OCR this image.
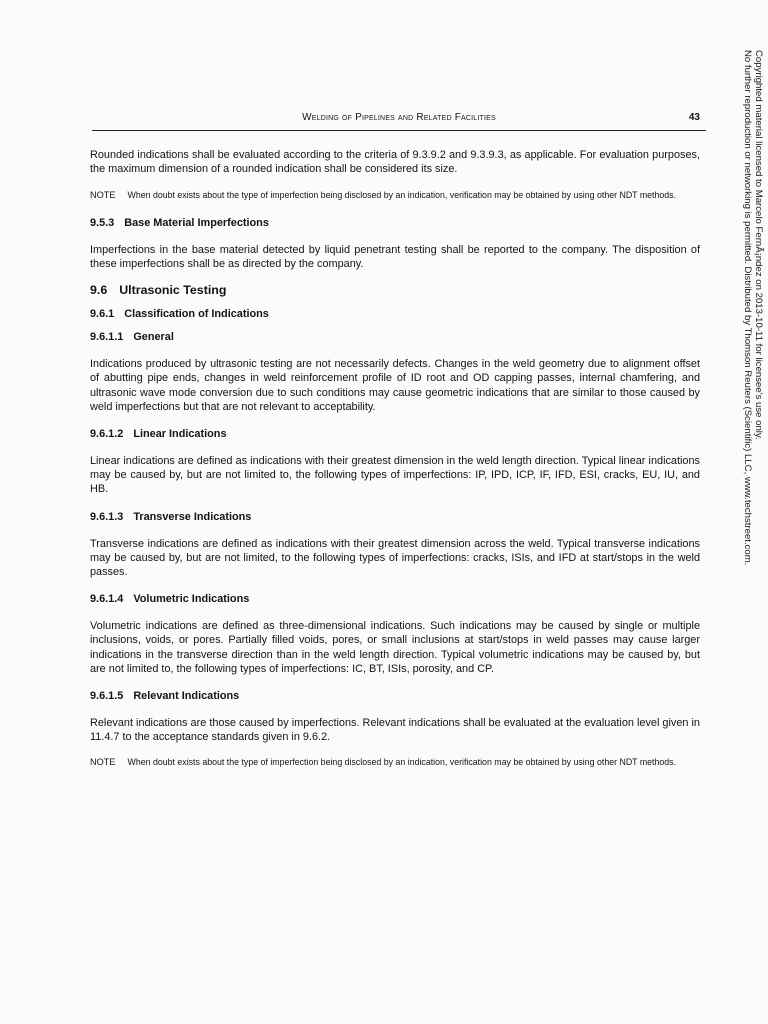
Copyrighted material licensed to Marcelo FernÃ¡ndez on 2013-10-11 for licensee's use only.
No further reproduction or networking is permitted. Distributed by Thomson Reuters (Scientific) LLC, www.techstreet.com.
Welding of Pipelines and Related Facilities	43

Rounded indications shall be evaluated according to the criteria of 9.3.9.2 and 9.3.9.3, as applicable. For evaluation purposes, the maximum dimension of a rounded indication shall be considered its size.

NOTE When doubt exists about the type of imperfection being disclosed by an indication, verification may be obtained by using other NDT methods.

9.5.3 Base Material Imperfections

Imperfections in the base material detected by liquid penetrant testing shall be reported to the company. The disposition of these imperfections shall be as directed by the company.

9.6 Ultrasonic Testing

9.6.1 Classification of Indications

9.6.1.1 General

Indications produced by ultrasonic testing are not necessarily defects. Changes in the weld geometry due to alignment offset of abutting pipe ends, changes in weld reinforcement profile of ID root and OD capping passes, internal chamfering, and ultrasonic wave mode conversion due to such conditions may cause geometric indications that are similar to those caused by weld imperfections but that are not relevant to acceptability.

9.6.1.2 Linear Indications

Linear indications are defined as indications with their greatest dimension in the weld length direction. Typical linear indications may be caused by, but are not limited to, the following types of imperfections: IP, IPD, ICP, IF, IFD, ESI, cracks, EU, IU, and HB.

9.6.1.3 Transverse Indications

Transverse indications are defined as indications with their greatest dimension across the weld. Typical transverse indications may be caused by, but are not limited, to the following types of imperfections: cracks, ISIs, and IFD at start/stops in the weld passes.

9.6.1.4 Volumetric Indications

Volumetric indications are defined as three-dimensional indications. Such indications may be caused by single or multiple inclusions, voids, or pores. Partially filled voids, pores, or small inclusions at start/stops in weld passes may cause larger indications in the transverse direction than in the weld length direction. Typical volumetric indications may be caused by, but are not limited to, the following types of imperfections: IC, BT, ISIs, porosity, and CP.

9.6.1.5 Relevant Indications

Relevant indications are those caused by imperfections. Relevant indications shall be evaluated at the evaluation level given in 11.4.7 to the acceptance standards given in 9.6.2.

NOTE When doubt exists about the type of imperfection being disclosed by an indication, verification may be obtained by using other NDT methods.
